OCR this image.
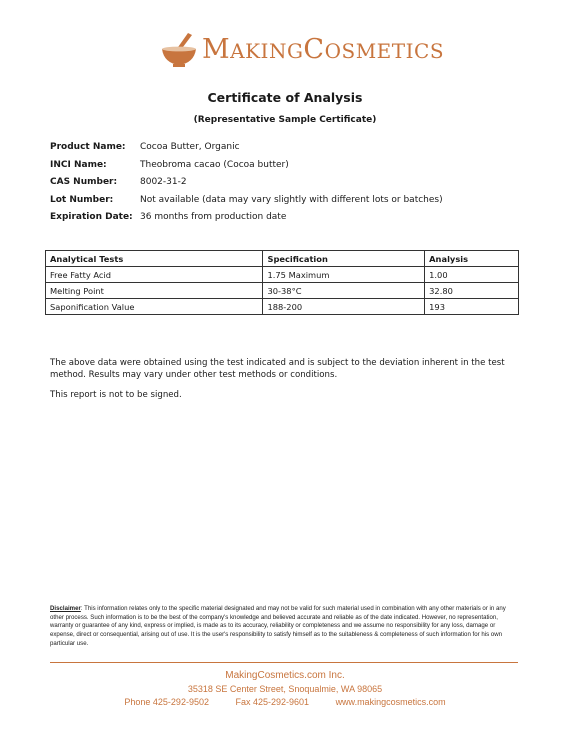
MAKINGCOSMETICS
Certificate of Analysis
(Representative Sample Certificate)
Product Name:	Cocoa Butter, Organic
INCI Name:	Theobroma cacao (Cocoa butter)
CAS Number:	8002-31-2
Lot Number:	Not available (data may vary slightly with different lots or batches)
Expiration Date: 36 months from production date
Analytical Tests	Specification	Analysis
Free Fatty Acid	1.75 Maximum	1.00
Melting Point	30-38°C	32.80
Saponification Value	188-200	193

The above data were obtained using the test indicated and is subject to the deviation inherent in the test method. Results may vary under other test methods or conditions.

This report is not to be signed.

Disclaimer: This information relates only to the specific material designated and may not be valid for such material used in combination with any other materials or in any other process. Such information is to be the best of the company's knowledge and believed accurate and reliable as of the date indicated. However, no representation, warranty or guarantee of any kind, express or implied, is made as to its accuracy, reliability or completeness and we assume no responsibility for any loss, damage or expense, direct or consequential, arising out of use. It is the user's responsibility to satisfy himself as to the suitableness & completeness of such information for his own particular use.
MakingCosmetics.com Inc.
35318 SE Center Street, Snoqualmie, WA 98065
Phone 425-292-9502	Fax 425-292-9601	www.makingcosmetics.com
